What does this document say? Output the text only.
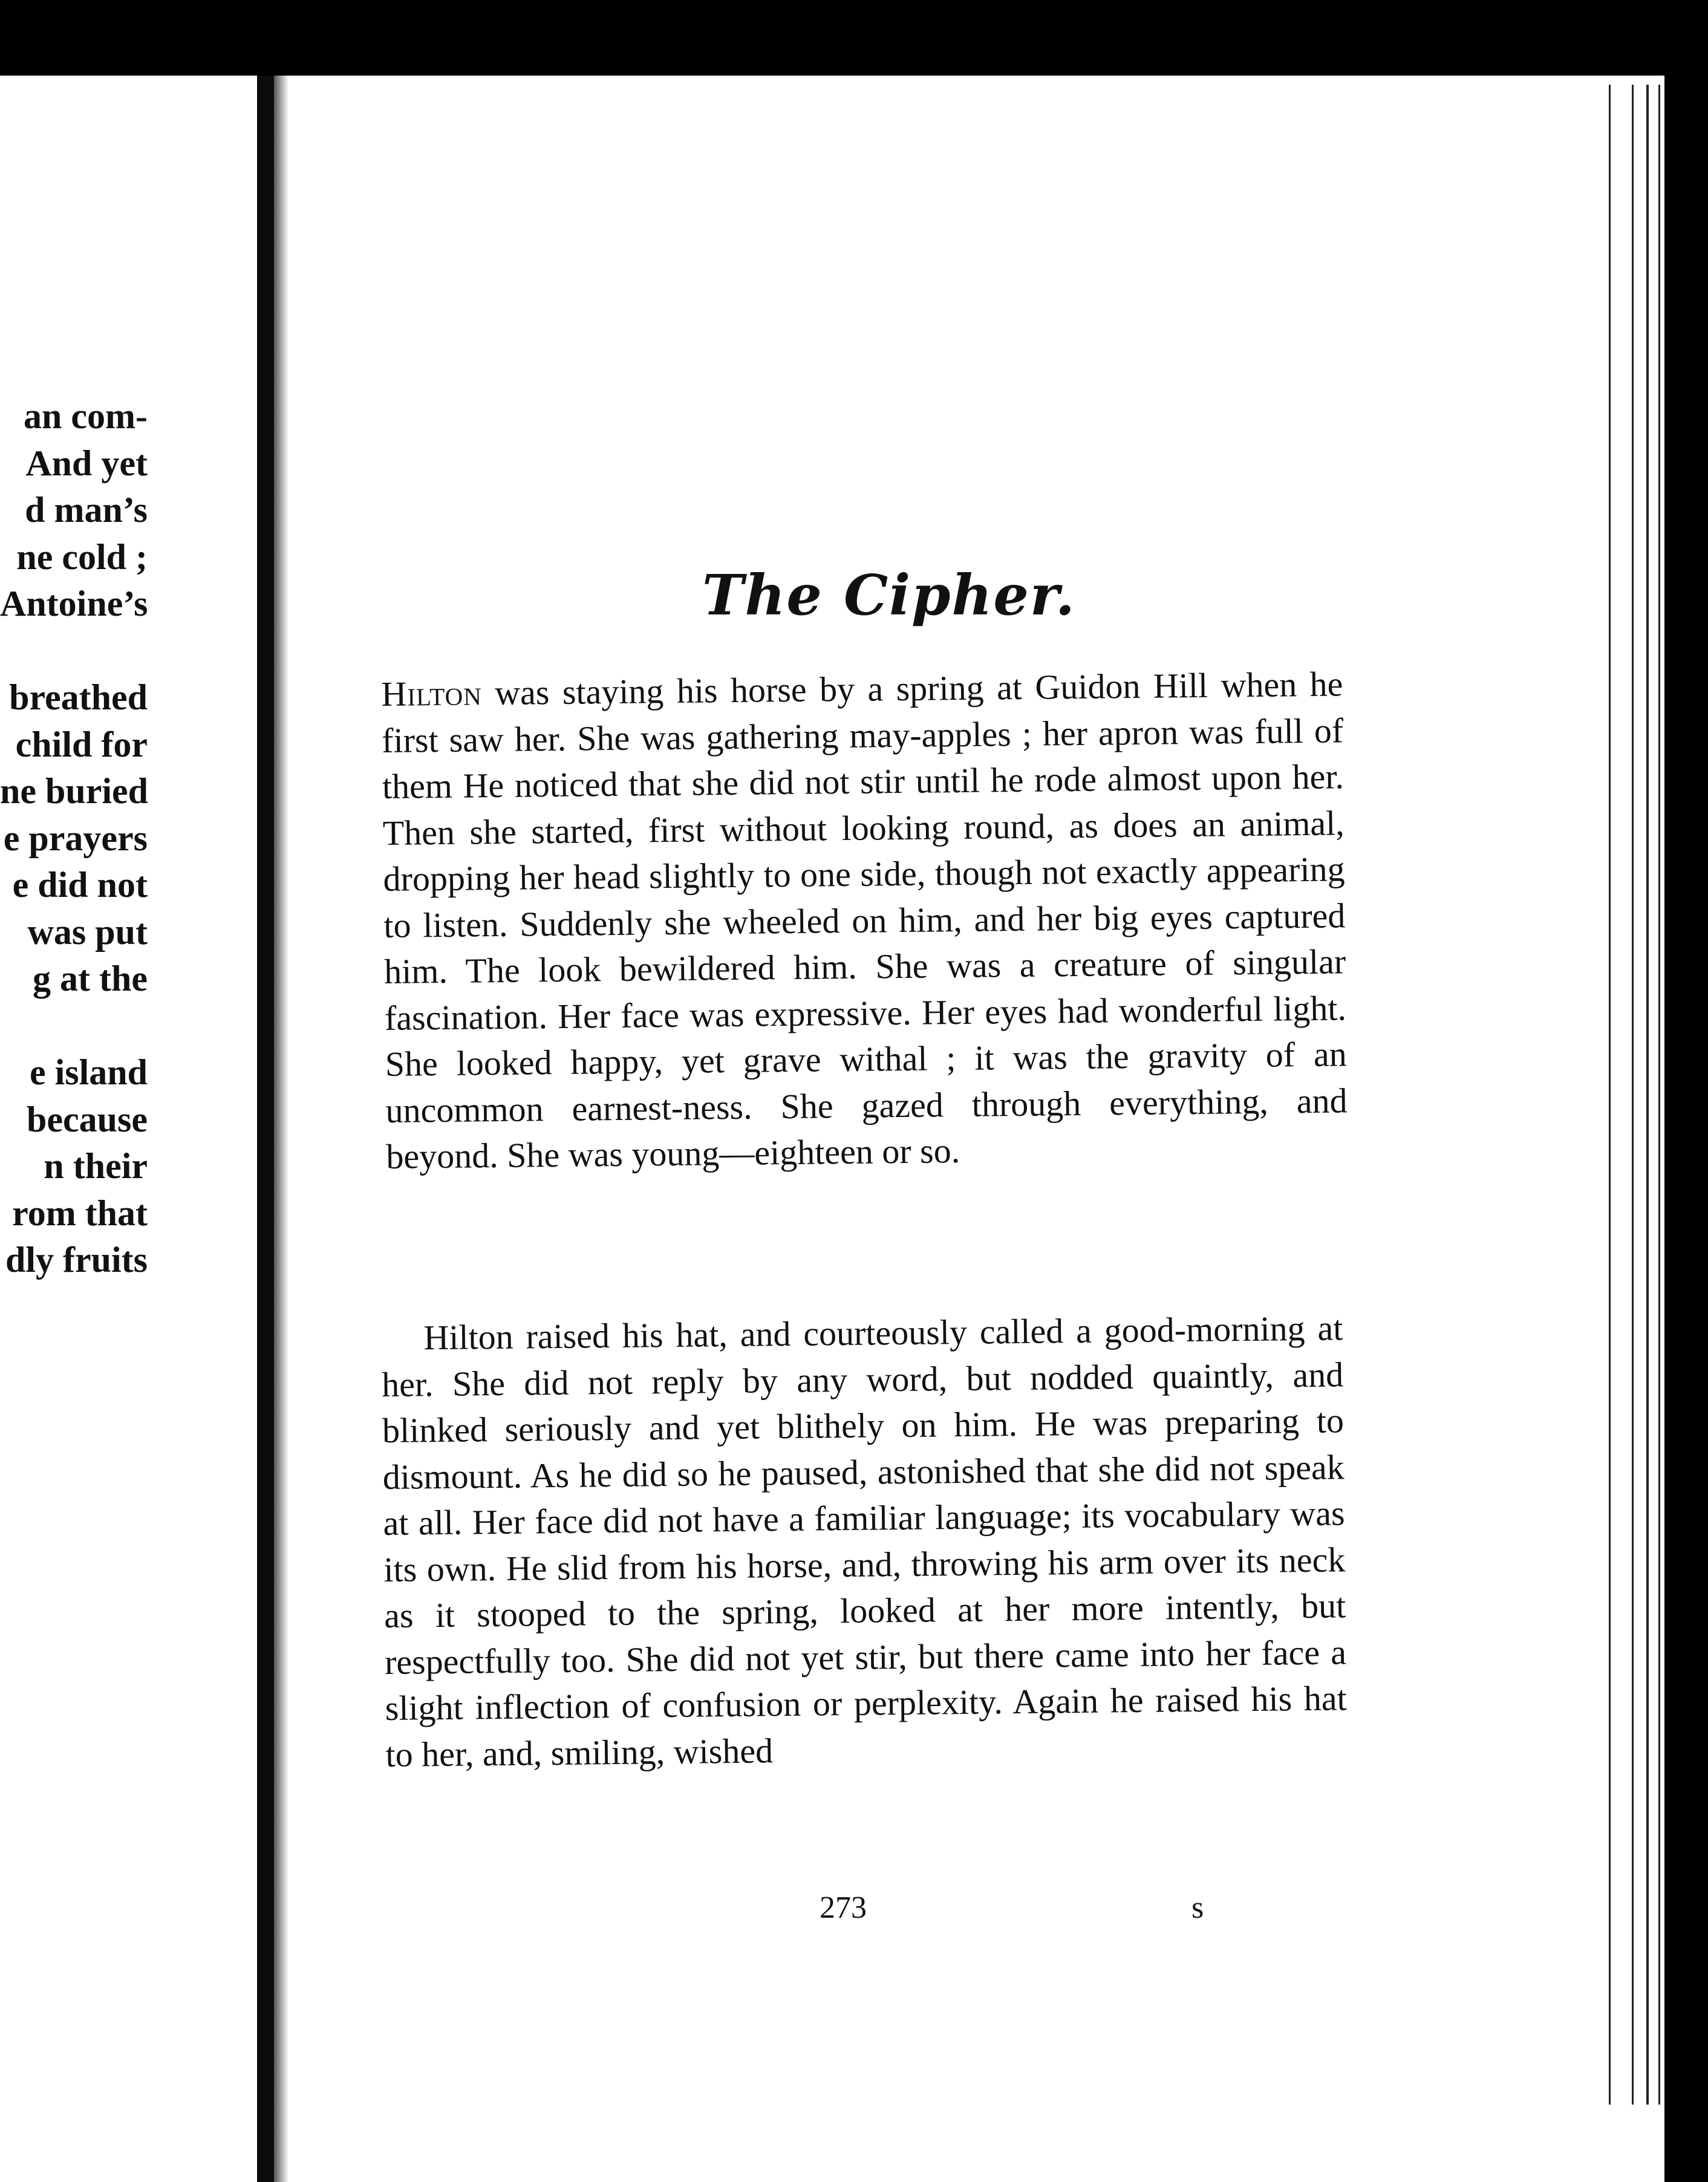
an com-
And yet
d man’s
ne cold ;
Antoine’s
breathed
child for
ne buried
e prayers
e did not
was put
g at the
e island
because
n their
rom that
dly fruits
The Cipher.

Hilton was staying his horse by a spring at Guidon Hill when he first saw her. She was gathering may-apples ; her apron was full of them He noticed that she did not stir until he rode almost upon her. Then she started, first without looking round, as does an animal, dropping her head slightly to one side, though not exactly appearing to listen. Suddenly she wheeled on him, and her big eyes captured him. The look bewildered him. She was a creature of singular fascination. Her face was expressive. Her eyes had wonderful light. She looked happy, yet grave withal ; it was the gravity of an uncommon earnest-ness. She gazed through everything, and beyond. She was young—eighteen or so.

Hilton raised his hat, and courteously called a good-morning at her. She did not reply by any word, but nodded quaintly, and blinked seriously and yet blithely on him. He was preparing to dismount. As he did so he paused, astonished that she did not speak at all. Her face did not have a familiar language; its vocabulary was its own. He slid from his horse, and, throwing his arm over its neck as it stooped to the spring, looked at her more intently, but respectfully too. She did not yet stir, but there came into her face a slight inflection of confusion or perplexity. Again he raised his hat to her, and, smiling, wished

273	s
